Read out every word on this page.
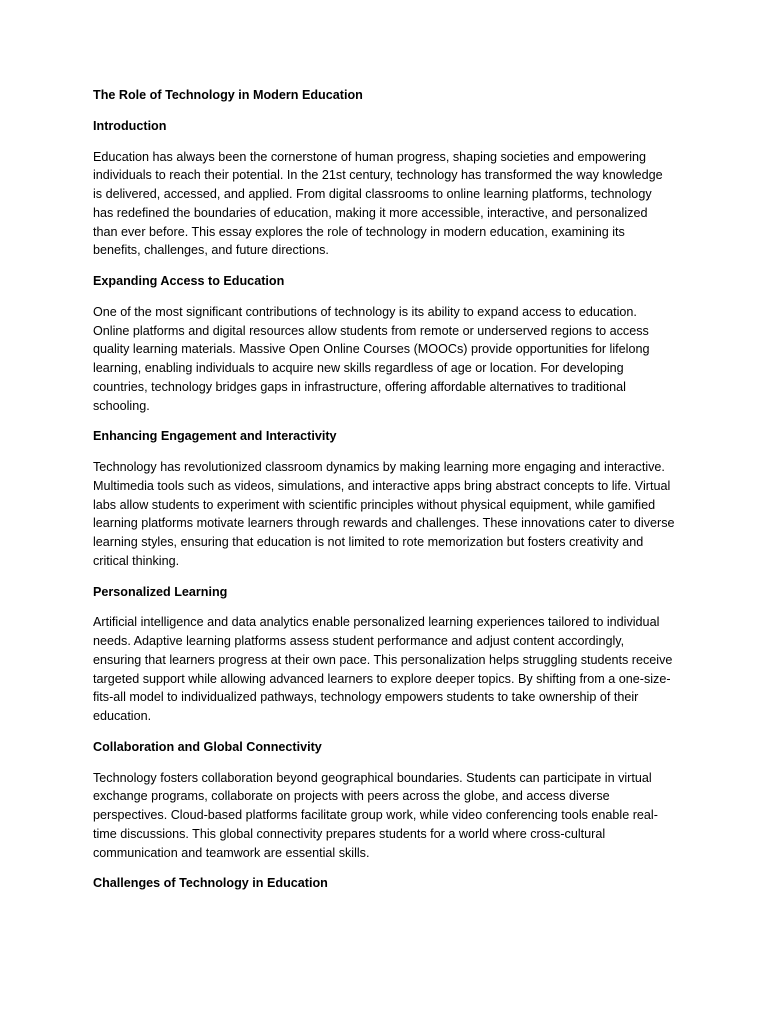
The Role of Technology in Modern Education
Introduction
Education has always been the cornerstone of human progress, shaping societies and empowering individuals to reach their potential. In the 21st century, technology has transformed the way knowledge is delivered, accessed, and applied. From digital classrooms to online learning platforms, technology has redefined the boundaries of education, making it more accessible, interactive, and personalized than ever before. This essay explores the role of technology in modern education, examining its benefits, challenges, and future directions.
Expanding Access to Education
One of the most significant contributions of technology is its ability to expand access to education. Online platforms and digital resources allow students from remote or underserved regions to access quality learning materials. Massive Open Online Courses (MOOCs) provide opportunities for lifelong learning, enabling individuals to acquire new skills regardless of age or location. For developing countries, technology bridges gaps in infrastructure, offering affordable alternatives to traditional schooling.
Enhancing Engagement and Interactivity
Technology has revolutionized classroom dynamics by making learning more engaging and interactive. Multimedia tools such as videos, simulations, and interactive apps bring abstract concepts to life. Virtual labs allow students to experiment with scientific principles without physical equipment, while gamified learning platforms motivate learners through rewards and challenges. These innovations cater to diverse learning styles, ensuring that education is not limited to rote memorization but fosters creativity and critical thinking.
Personalized Learning
Artificial intelligence and data analytics enable personalized learning experiences tailored to individual needs. Adaptive learning platforms assess student performance and adjust content accordingly, ensuring that learners progress at their own pace. This personalization helps struggling students receive targeted support while allowing advanced learners to explore deeper topics. By shifting from a one-size-fits-all model to individualized pathways, technology empowers students to take ownership of their education.
Collaboration and Global Connectivity
Technology fosters collaboration beyond geographical boundaries. Students can participate in virtual exchange programs, collaborate on projects with peers across the globe, and access diverse perspectives. Cloud-based platforms facilitate group work, while video conferencing tools enable real-time discussions. This global connectivity prepares students for a world where cross-cultural communication and teamwork are essential skills.
Challenges of Technology in Education
